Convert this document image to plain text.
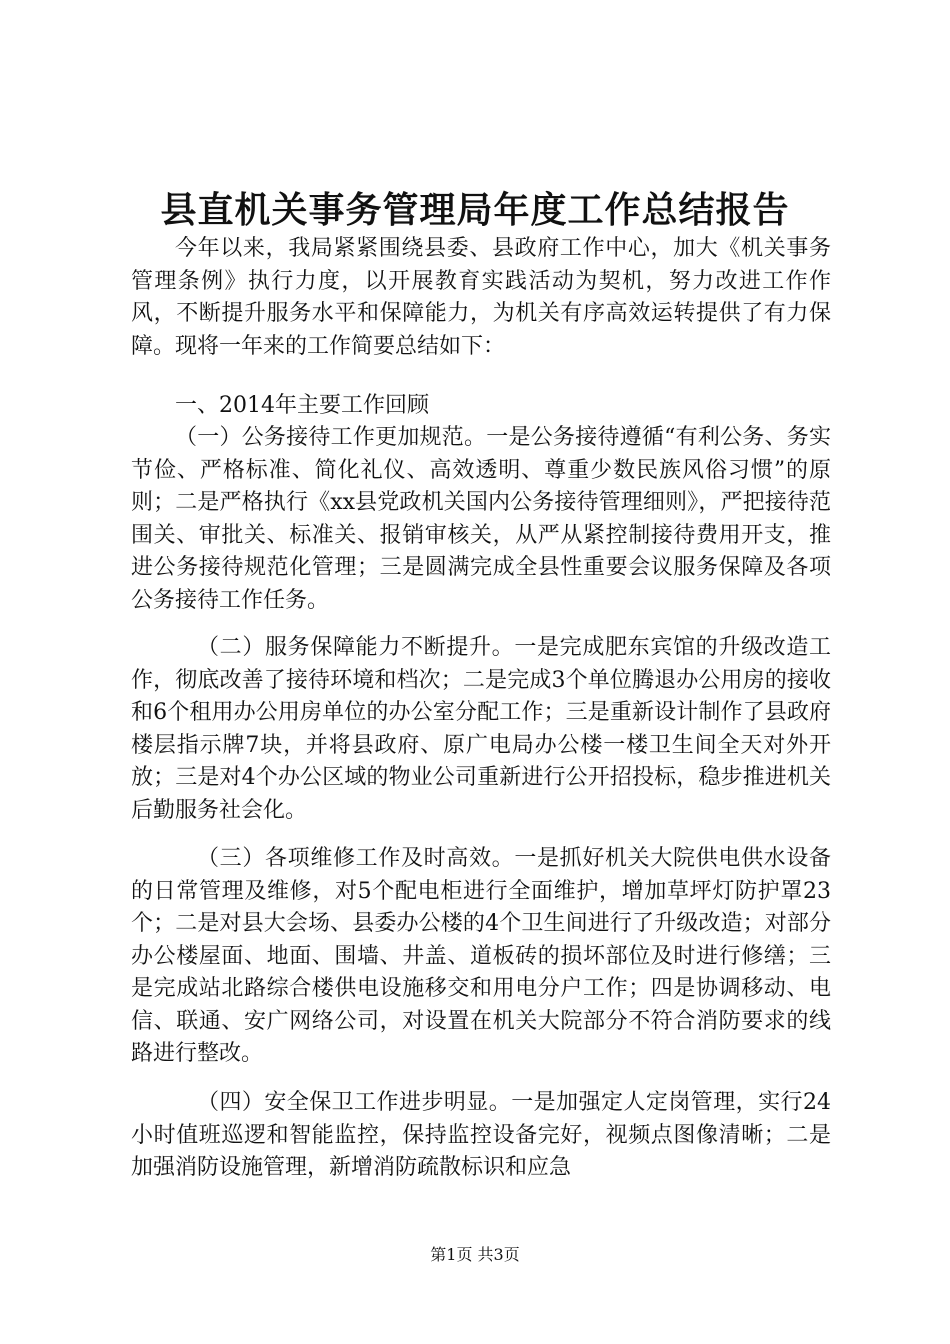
县直机关事务管理局年度工作总结报告

今年以来，我局紧紧围绕县委、县政府工作中心，加大《机关事务管理条例》执行力度，以开展教育实践活动为契机，努力改进工作作风，不断提升服务水平和保障能力，为机关有序高效运转提供了有力保障。现将一年来的工作简要总结如下：

一、2014年主要工作回顾

（一）公务接待工作更加规范。一是公务接待遵循“有利公务、务实节俭、严格标准、简化礼仪、高效透明、尊重少数民族风俗习惯”的原则；二是严格执行《xx县党政机关国内公务接待管理细则》，严把接待范围关、审批关、标准关、报销审核关，从严从紧控制接待费用开支，推进公务接待规范化管理；三是圆满完成全县性重要会议服务保障及各项公务接待工作任务。

（二）服务保障能力不断提升。一是完成肥东宾馆的升级改造工作，彻底改善了接待环境和档次；二是完成3个单位腾退办公用房的接收和6个租用办公用房单位的办公室分配工作；三是重新设计制作了县政府楼层指示牌7块，并将县政府、原广电局办公楼一楼卫生间全天对外开放；三是对4个办公区域的物业公司重新进行公开招投标，稳步推进机关后勤服务社会化。

（三）各项维修工作及时高效。一是抓好机关大院供电供水设备的日常管理及维修，对5个配电柜进行全面维护，增加草坪灯防护罩23个；二是对县大会场、县委办公楼的4个卫生间进行了升级改造；对部分办公楼屋面、地面、围墙、井盖、道板砖的损坏部位及时进行修缮；三是完成站北路综合楼供电设施移交和用电分户工作；四是协调移动、电信、联通、安广网络公司，对设置在机关大院部分不符合消防要求的线路进行整改。

（四）安全保卫工作进步明显。一是加强定人定岗管理，实行24小时值班巡逻和智能监控，保持监控设备完好，视频点图像清晰；二是加强消防设施管理，新增消防疏散标识和应急

第1页 共3页
